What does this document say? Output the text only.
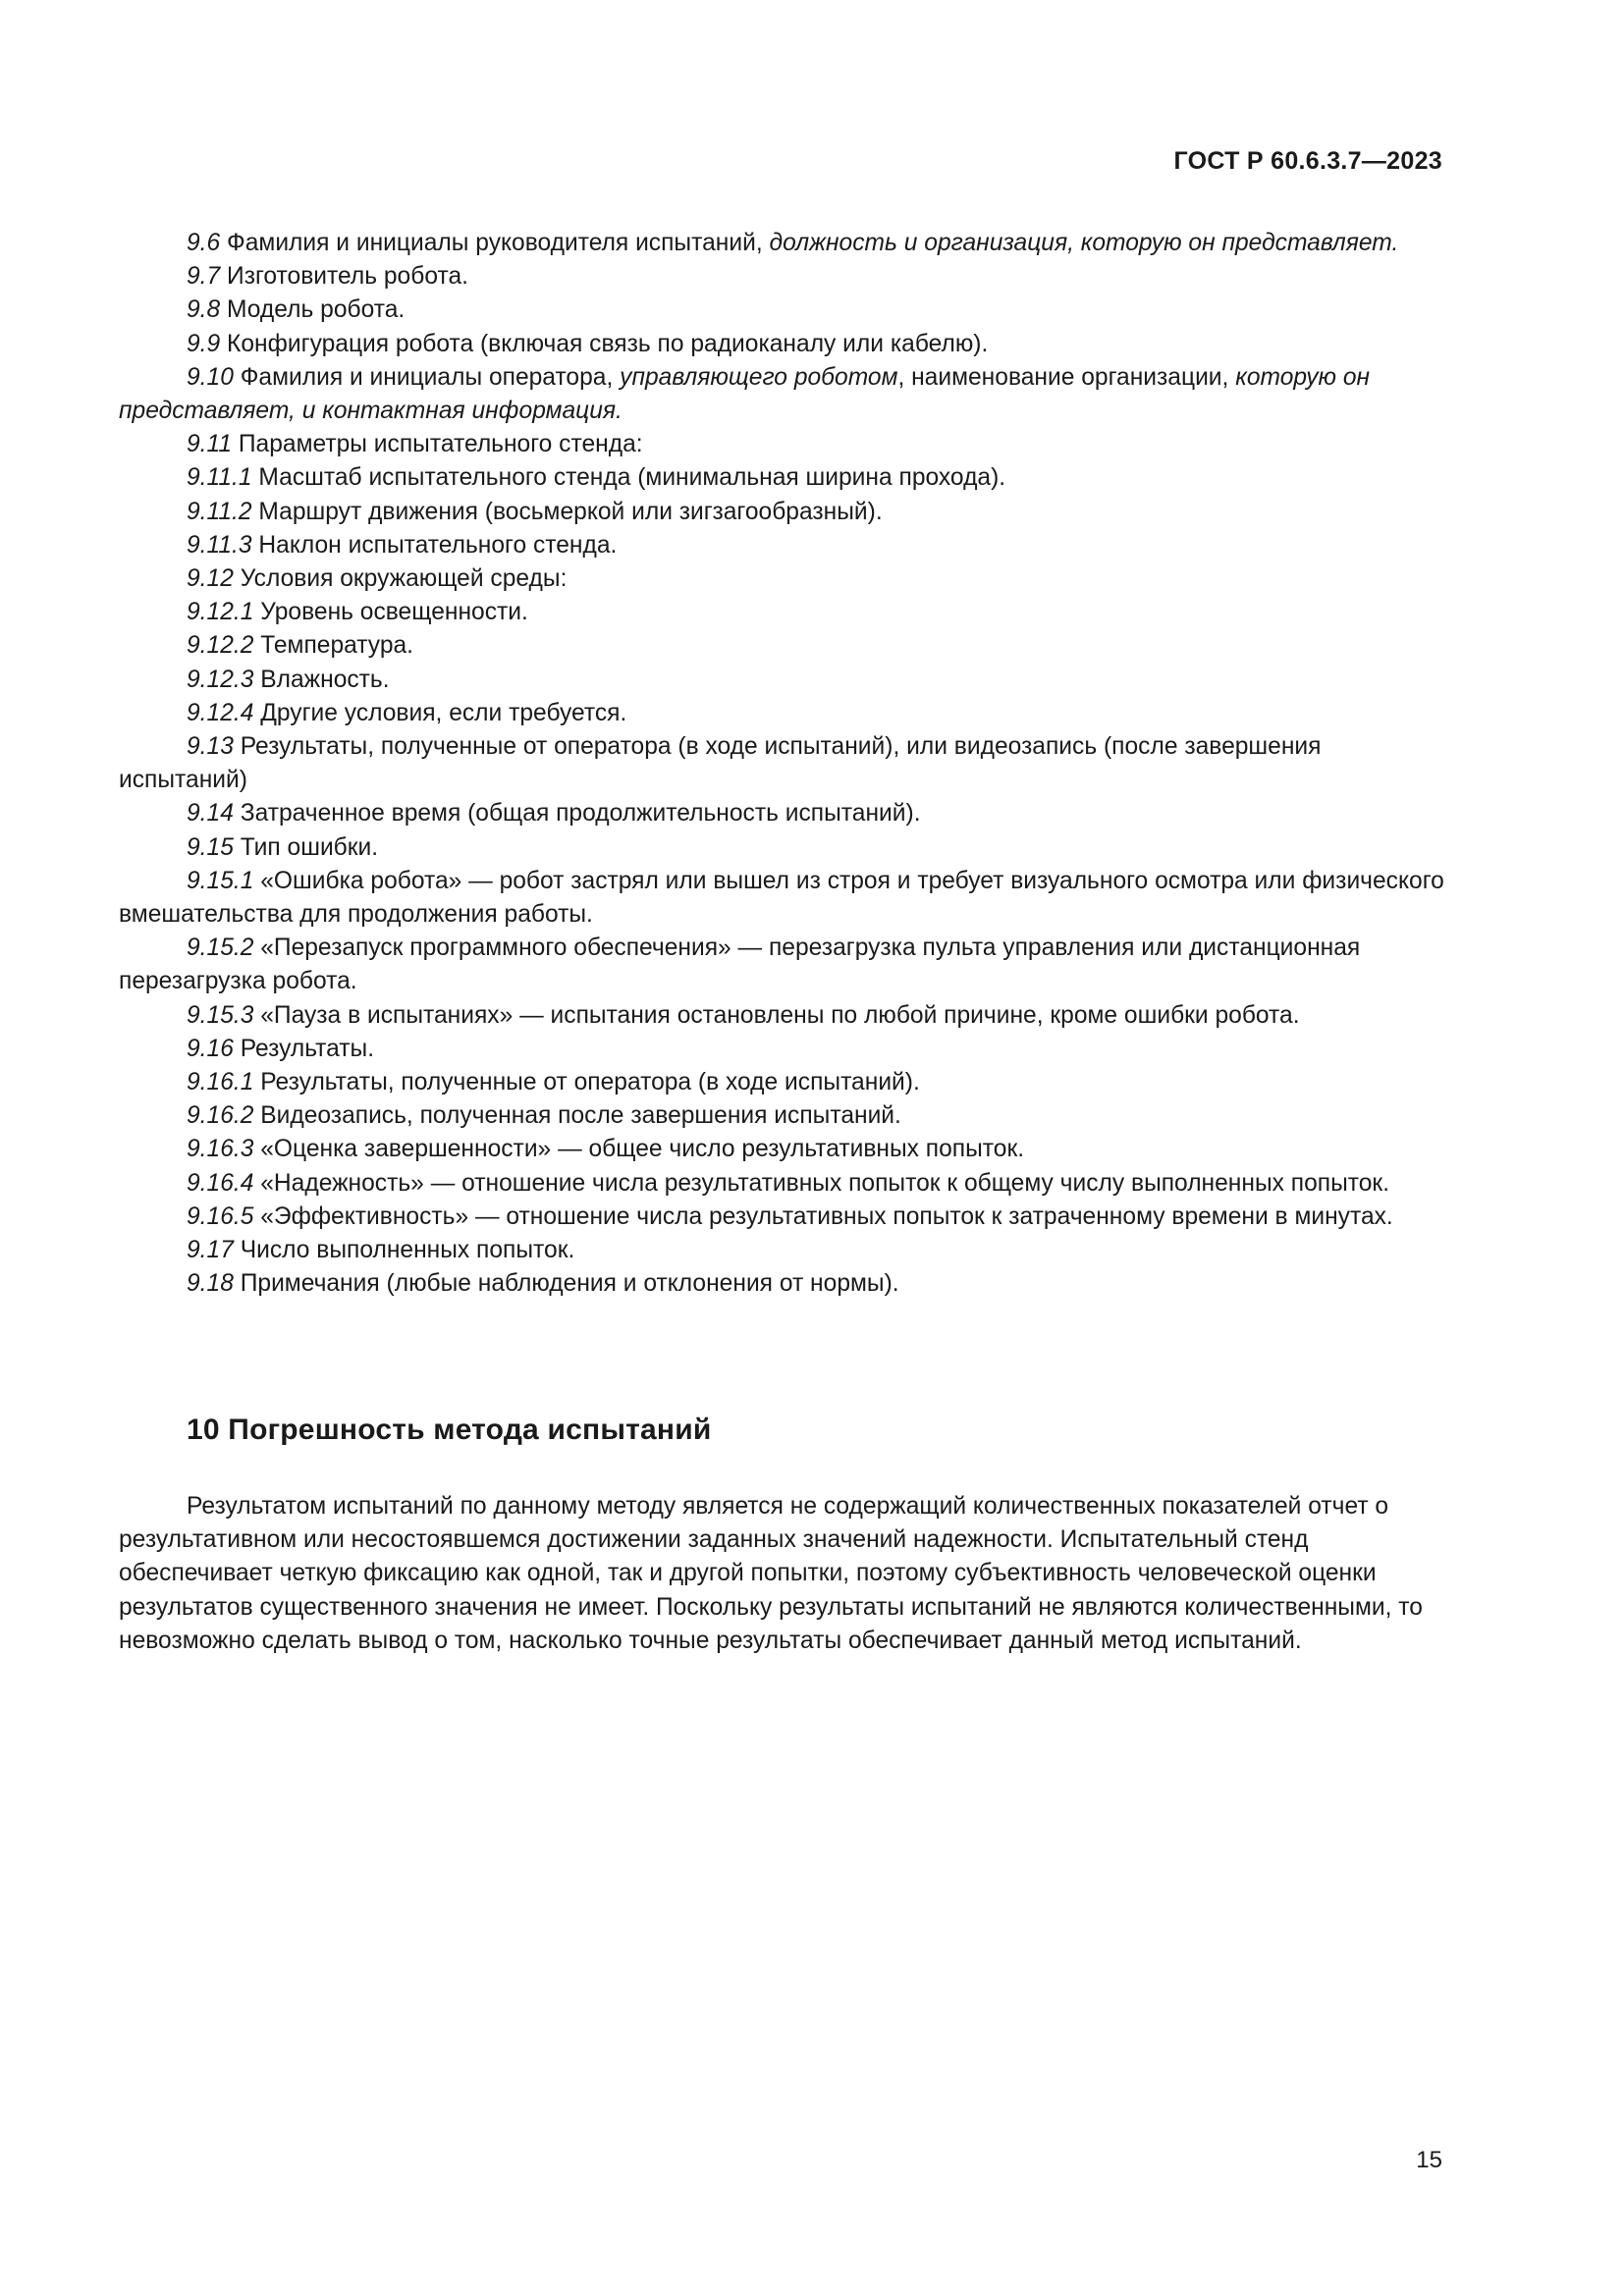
ГОСТ Р 60.6.3.7—2023

9.6 Фамилия и инициалы руководителя испытаний, должность и организация, которую он представляет.

9.7 Изготовитель робота.

9.8 Модель робота.

9.9 Конфигурация робота (включая связь по радиоканалу или кабелю).

9.10 Фамилия и инициалы оператора, управляющего роботом, наименование организации, которую он представляет, и контактная информация.

9.11 Параметры испытательного стенда:

9.11.1 Масштаб испытательного стенда (минимальная ширина прохода).

9.11.2 Маршрут движения (восьмеркой или зигзагообразный).

9.11.3 Наклон испытательного стенда.

9.12 Условия окружающей среды:

9.12.1 Уровень освещенности.

9.12.2 Температура.

9.12.3 Влажность.

9.12.4 Другие условия, если требуется.

9.13 Результаты, полученные от оператора (в ходе испытаний), или видеозапись (после завершения испытаний)

9.14 Затраченное время (общая продолжительность испытаний).

9.15 Тип ошибки.

9.15.1 «Ошибка робота» — робот застрял или вышел из строя и требует визуального осмотра или физического вмешательства для продолжения работы.

9.15.2 «Перезапуск программного обеспечения» — перезагрузка пульта управления или дистанционная перезагрузка робота.

9.15.3 «Пауза в испытаниях» — испытания остановлены по любой причине, кроме ошибки робота.

9.16 Результаты.

9.16.1 Результаты, полученные от оператора (в ходе испытаний).

9.16.2 Видеозапись, полученная после завершения испытаний.

9.16.3 «Оценка завершенности» — общее число результативных попыток.

9.16.4 «Надежность» — отношение числа результативных попыток к общему числу выполненных попыток.

9.16.5 «Эффективность» — отношение числа результативных попыток к затраченному времени в минутах.

9.17 Число выполненных попыток.

9.18 Примечания (любые наблюдения и отклонения от нормы).

10 Погрешность метода испытаний

Результатом испытаний по данному методу является не содержащий количественных показателей отчет о результативном или несостоявшемся достижении заданных значений надежности. Испытательный стенд обеспечивает четкую фиксацию как одной, так и другой попытки, поэтому субъективность человеческой оценки результатов существенного значения не имеет. Поскольку результаты испытаний не являются количественными, то невозможно сделать вывод о том, насколько точные результаты обеспечивает данный метод испытаний.

15
